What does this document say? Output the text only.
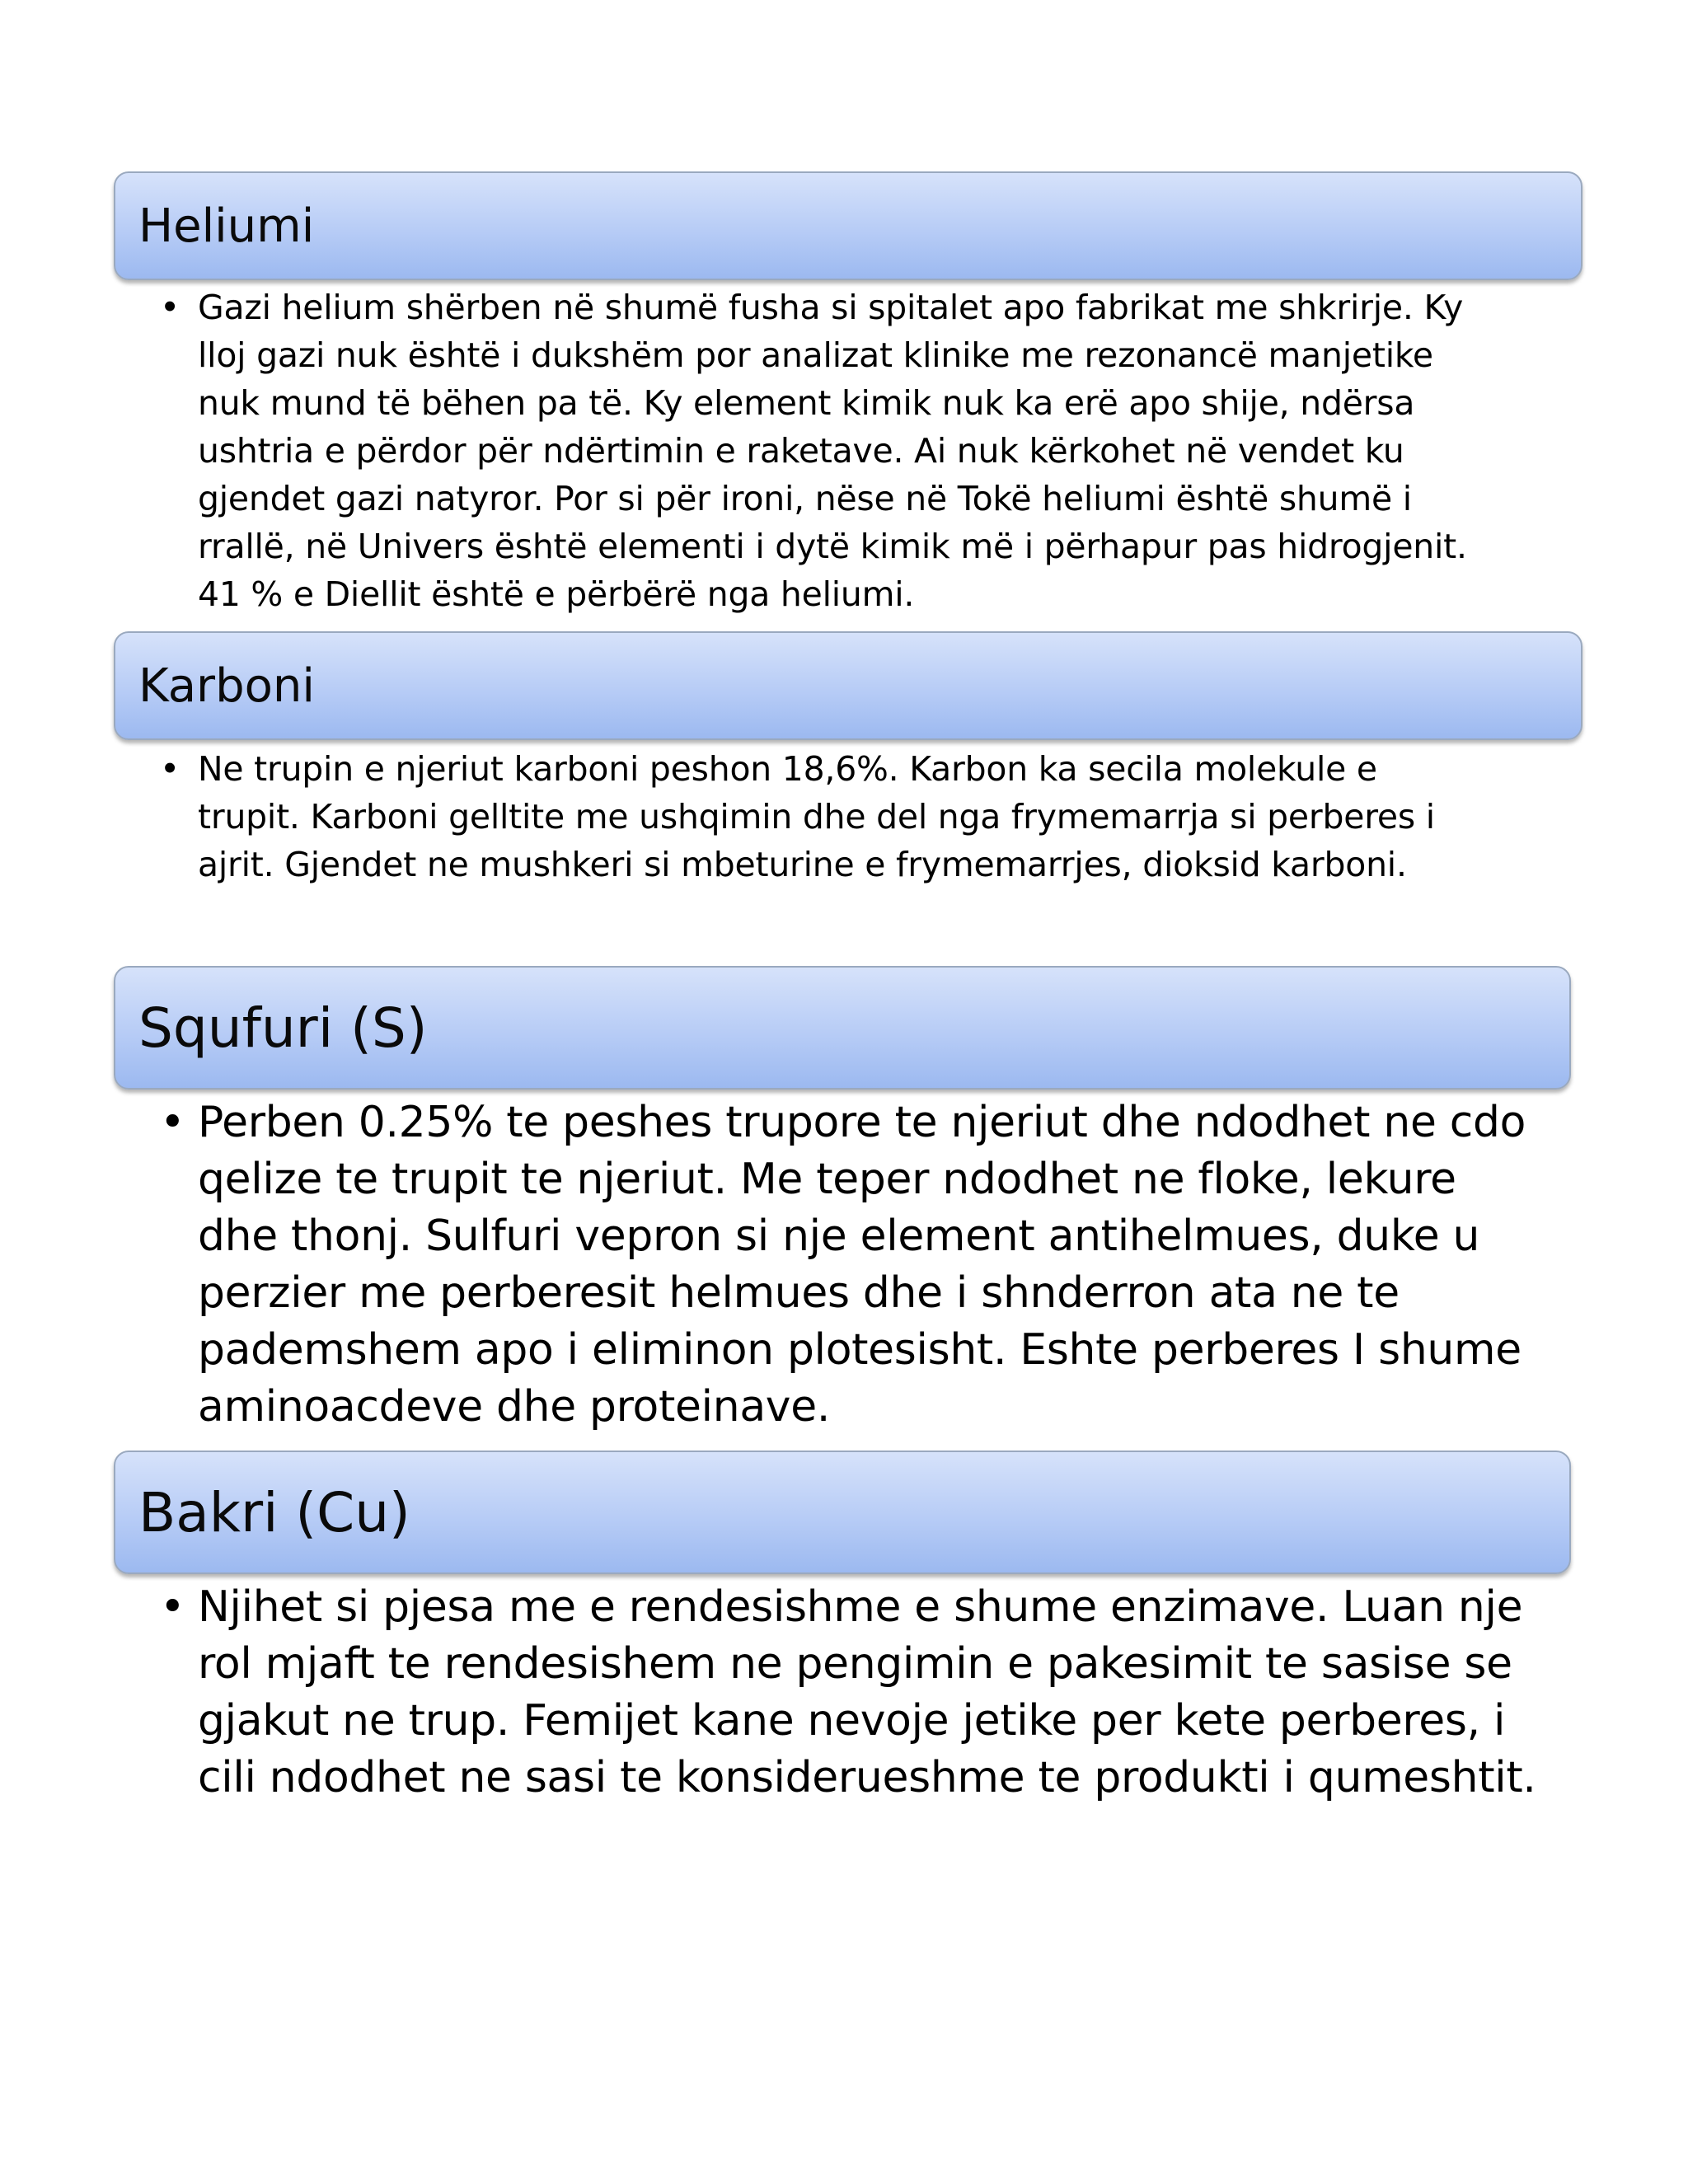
Heliumi
• Gazi helium shërben në shumë fusha si spitalet apo fabrikat me shkrirje. Ky
lloj gazi nuk është i dukshëm por analizat klinike me rezonancë manjetike
nuk mund të bëhen pa të. Ky element kimik nuk ka erë apo shije, ndërsa
ushtria e përdor për ndërtimin e raketave. Ai nuk kërkohet në vendet ku
gjendet gazi natyror. Por si për ironi, nëse në Tokë heliumi është shumë i
rrallë, në Univers është elementi i dytë kimik më i përhapur pas hidrogjenit.
41 % e Diellit është e përbërë nga heliumi.
Karboni
• Ne trupin e njeriut karboni peshon 18,6%. Karbon ka secila molekule e
trupit. Karboni gelltite me ushqimin dhe del nga frymemarrja si perberes i
ajrit. Gjendet ne mushkeri si mbeturine e frymemarrjes, dioksid karboni.
Squfuri (S)
• Perben 0.25% te peshes trupore te njeriut dhe ndodhet ne cdo
qelize te trupit te njeriut. Me teper ndodhet ne floke, lekure
dhe thonj. Sulfuri vepron si nje element antihelmues, duke u
perzier me perberesit helmues dhe i shnderron ata ne te
pademshem apo i eliminon plotesisht. Eshte perberes I shume
aminoacdeve dhe proteinave.
Bakri (Cu)
• Njihet si pjesa me e rendesishme e shume enzimave. Luan nje
rol mjaft te rendesishem ne pengimin e pakesimit te sasise se
gjakut ne trup. Femijet kane nevoje jetike per kete perberes, i
cili ndodhet ne sasi te konsiderueshme te produkti i qumeshtit.
